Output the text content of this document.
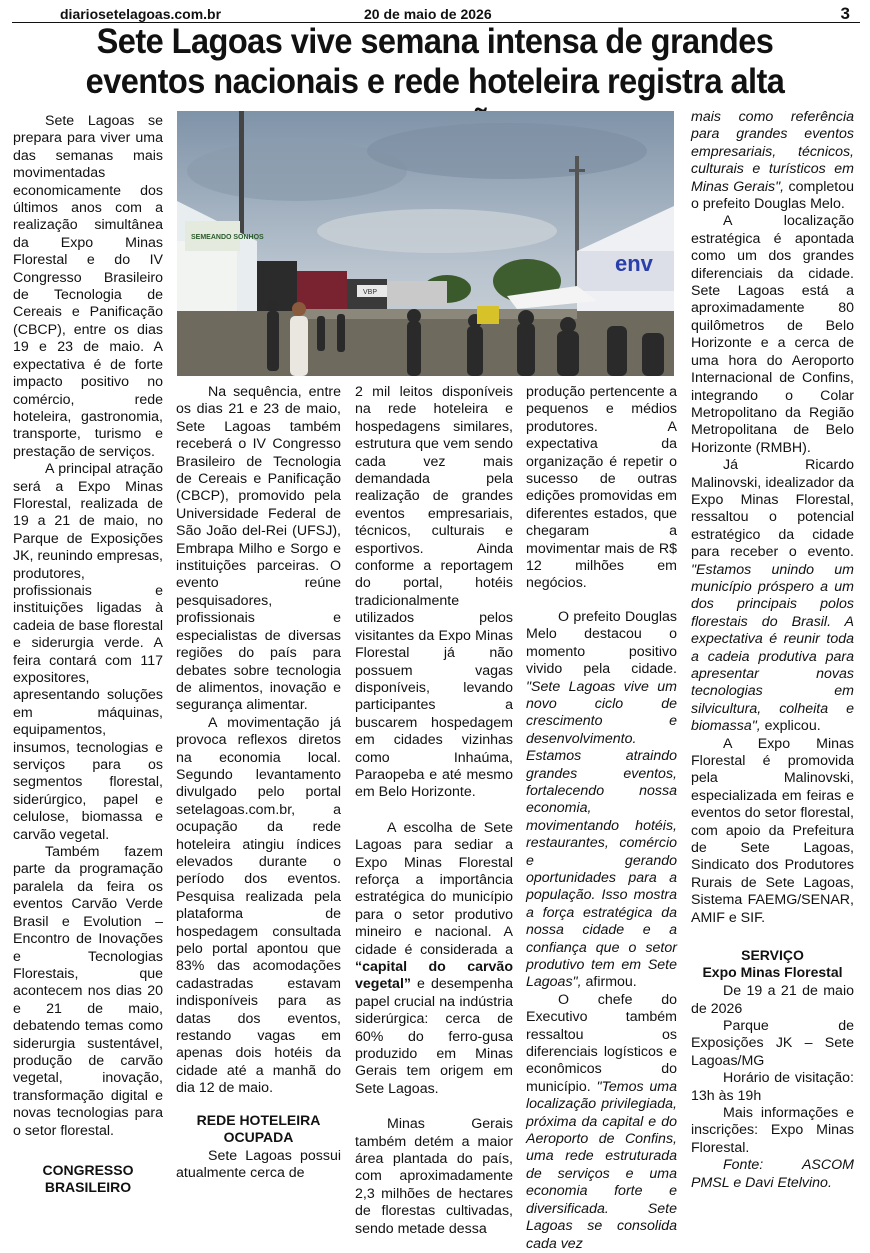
diariosetelagoas.com.br	20 de maio de 2026	3
Sete Lagoas vive semana intensa de grandes eventos nacionais e rede hoteleira registra alta
SEMEANDO SONHOS
VBP
env

Sete Lagoas se prepara para viver uma das semanas mais movimentadas economicamente dos últimos anos com a realização simultânea da Expo Minas Florestal e do IV Congresso Brasileiro de Tecnologia de Cereais e Panificação (CBCP), entre os dias 19 e 23 de maio. A expectativa é de forte impacto positivo no comércio, rede hoteleira, gastronomia, transporte, turismo e prestação de serviços.

A principal atração será a Expo Minas Florestal, realizada de 19 a 21 de maio, no Parque de Exposições JK, reunindo empresas, produtores, profissionais e instituições ligadas à cadeia de base florestal e siderurgia verde. A feira contará com 117 expositores, apresentando soluções em máquinas, equipamentos, insumos, tecnologias e serviços para os segmentos florestal, siderúrgico, papel e celulose, biomassa e carvão vegetal.

Também fazem parte da programação paralela da feira os eventos Carvão Verde Brasil e Evolution – Encontro de Inovações e Tecnologias Florestais, que acontecem nos dias 20 e 21 de maio, debatendo temas como siderurgia sustentável, produção de carvão vegetal, inovação, transformação digital e novas tecnologias para o setor florestal.

CONGRESSO BRASILEIRO

Na sequência, entre os dias 21 e 23 de maio, Sete Lagoas também receberá o IV Congresso Brasileiro de Tecnologia de Cereais e Panificação (CBCP), promovido pela Universidade Federal de São João del-Rei (UFSJ), Embrapa Milho e Sorgo e instituições parceiras. O evento reúne pesquisadores, profissionais e especialistas de diversas regiões do país para debates sobre tecnologia de alimentos, inovação e segurança alimentar.

A movimentação já provoca reflexos diretos na economia local. Segundo levantamento divulgado pelo portal setelagoas.com.br, a ocupação da rede hoteleira atingiu índices elevados durante o período dos eventos. Pesquisa realizada pela plataforma de hospedagem consultada pelo portal apontou que 83% das acomodações cadastradas estavam indisponíveis para as datas dos eventos, restando vagas em apenas dois hotéis da cidade até a manhã do dia 12 de maio.

REDE HOTELEIRA OCUPADA

Sete Lagoas possui atualmente cerca de

2 mil leitos disponíveis na rede hoteleira e hospedagens similares, estrutura que vem sendo cada vez mais demandada pela realização de grandes eventos empresariais, técnicos, culturais e esportivos. Ainda conforme a reportagem do portal, hotéis tradicionalmente utilizados pelos visitantes da Expo Minas Florestal já não possuem vagas disponíveis, levando participantes a buscarem hospedagem em cidades vizinhas como Inhaúma, Paraopeba e até mesmo em Belo Horizonte.

A escolha de Sete Lagoas para sediar a Expo Minas Florestal reforça a importância estratégica do município para o setor produtivo mineiro e nacional. A cidade é considerada a “capital do carvão vegetal” e desempenha papel crucial na indústria siderúrgica: cerca de 60% do ferro-gusa produzido em Minas Gerais tem origem em Sete Lagoas.

Minas Gerais também detém a maior área plantada do país, com aproximadamente 2,3 milhões de hectares de florestas cultivadas, sendo metade dessa

produção pertencente a pequenos e médios produtores. A expectativa da organização é repetir o sucesso de outras edições promovidas em diferentes estados, que chegaram a movimentar mais de R$ 12 milhões em negócios.

O prefeito Douglas Melo destacou o momento positivo vivido pela cidade. "Sete Lagoas vive um novo ciclo de crescimento e desenvolvimento. Estamos atraindo grandes eventos, fortalecendo nossa economia, movimentando hotéis, restaurantes, comércio e gerando oportunidades para a população. Isso mostra a força estratégica da nossa cidade e a confiança que o setor produtivo tem em Sete Lagoas", afirmou.

O chefe do Executivo também ressaltou os diferenciais logísticos e econômicos do município. "Temos uma localização privilegiada, próxima da capital e do Aeroporto de Confins, uma rede estruturada de serviços e uma economia forte e diversificada. Sete Lagoas se consolida cada vez

mais como referência para grandes eventos empresariais, técnicos, culturais e turísticos em Minas Gerais", completou o prefeito Douglas Melo.

A localização estratégica é apontada como um dos grandes diferenciais da cidade. Sete Lagoas está a aproximadamente 80 quilômetros de Belo Horizonte e a cerca de uma hora do Aeroporto Internacional de Confins, integrando o Colar Metropolitano da Região Metropolitana de Belo Horizonte (RMBH).

Já Ricardo Malinovski, idealizador da Expo Minas Florestal, ressaltou o potencial estratégico da cidade para receber o evento. "Estamos unindo um município próspero a um dos principais polos florestais do Brasil. A expectativa é reunir toda a cadeia produtiva para apresentar novas tecnologias em silvicultura, colheita e biomassa", explicou.

A Expo Minas Florestal é promovida pela Malinovski, especializada em feiras e eventos do setor florestal, com apoio da Prefeitura de Sete Lagoas, Sindicato dos Produtores Rurais de Sete Lagoas, Sistema FAEMG/SENAR, AMIF e SIF.

SERVIÇO

Expo Minas Florestal

De 19 a 21 de maio de 2026

Parque de Exposições JK – Sete Lagoas/MG

Horário de visitação: 13h às 19h

Mais informações e inscrições: Expo Minas Florestal.

Fonte: ASCOM PMSL e Davi Etelvino.
